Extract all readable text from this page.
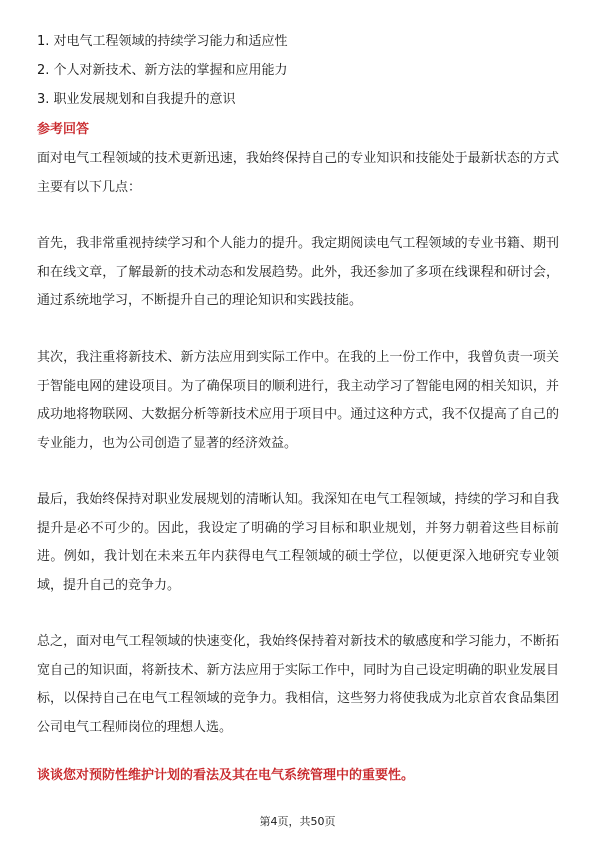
1. 对电气工程领域的持续学习能力和适应性
2. 个人对新技术、新方法的掌握和应用能力
3. 职业发展规划和自我提升的意识
参考回答

面对电气工程领域的技术更新迅速，我始终保持自己的专业知识和技能处于最新状态的方式主要有以下几点：

首先，我非常重视持续学习和个人能力的提升。我定期阅读电气工程领域的专业书籍、期刊和在线文章，了解最新的技术动态和发展趋势。此外，我还参加了多项在线课程和研讨会，通过系统地学习，不断提升自己的理论知识和实践技能。

其次，我注重将新技术、新方法应用到实际工作中。在我的上一份工作中，我曾负责一项关于智能电网的建设项目。为了确保项目的顺利进行，我主动学习了智能电网的相关知识，并成功地将物联网、大数据分析等新技术应用于项目中。通过这种方式，我不仅提高了自己的专业能力，也为公司创造了显著的经济效益。

最后，我始终保持对职业发展规划的清晰认知。我深知在电气工程领域，持续的学习和自我提升是必不可少的。因此，我设定了明确的学习目标和职业规划，并努力朝着这些目标前进。例如，我计划在未来五年内获得电气工程领域的硕士学位，以便更深入地研究专业领域，提升自己的竞争力。

总之，面对电气工程领域的快速变化，我始终保持着对新技术的敏感度和学习能力，不断拓宽自己的知识面，将新技术、新方法应用于实际工作中，同时为自己设定明确的职业发展目标，以保持自己在电气工程领域的竞争力。我相信，这些努力将使我成为北京首农食品集团公司电气工程师岗位的理想人选。

谈谈您对预防性维护计划的看法及其在电气系统管理中的重要性。
第4页，共50页
